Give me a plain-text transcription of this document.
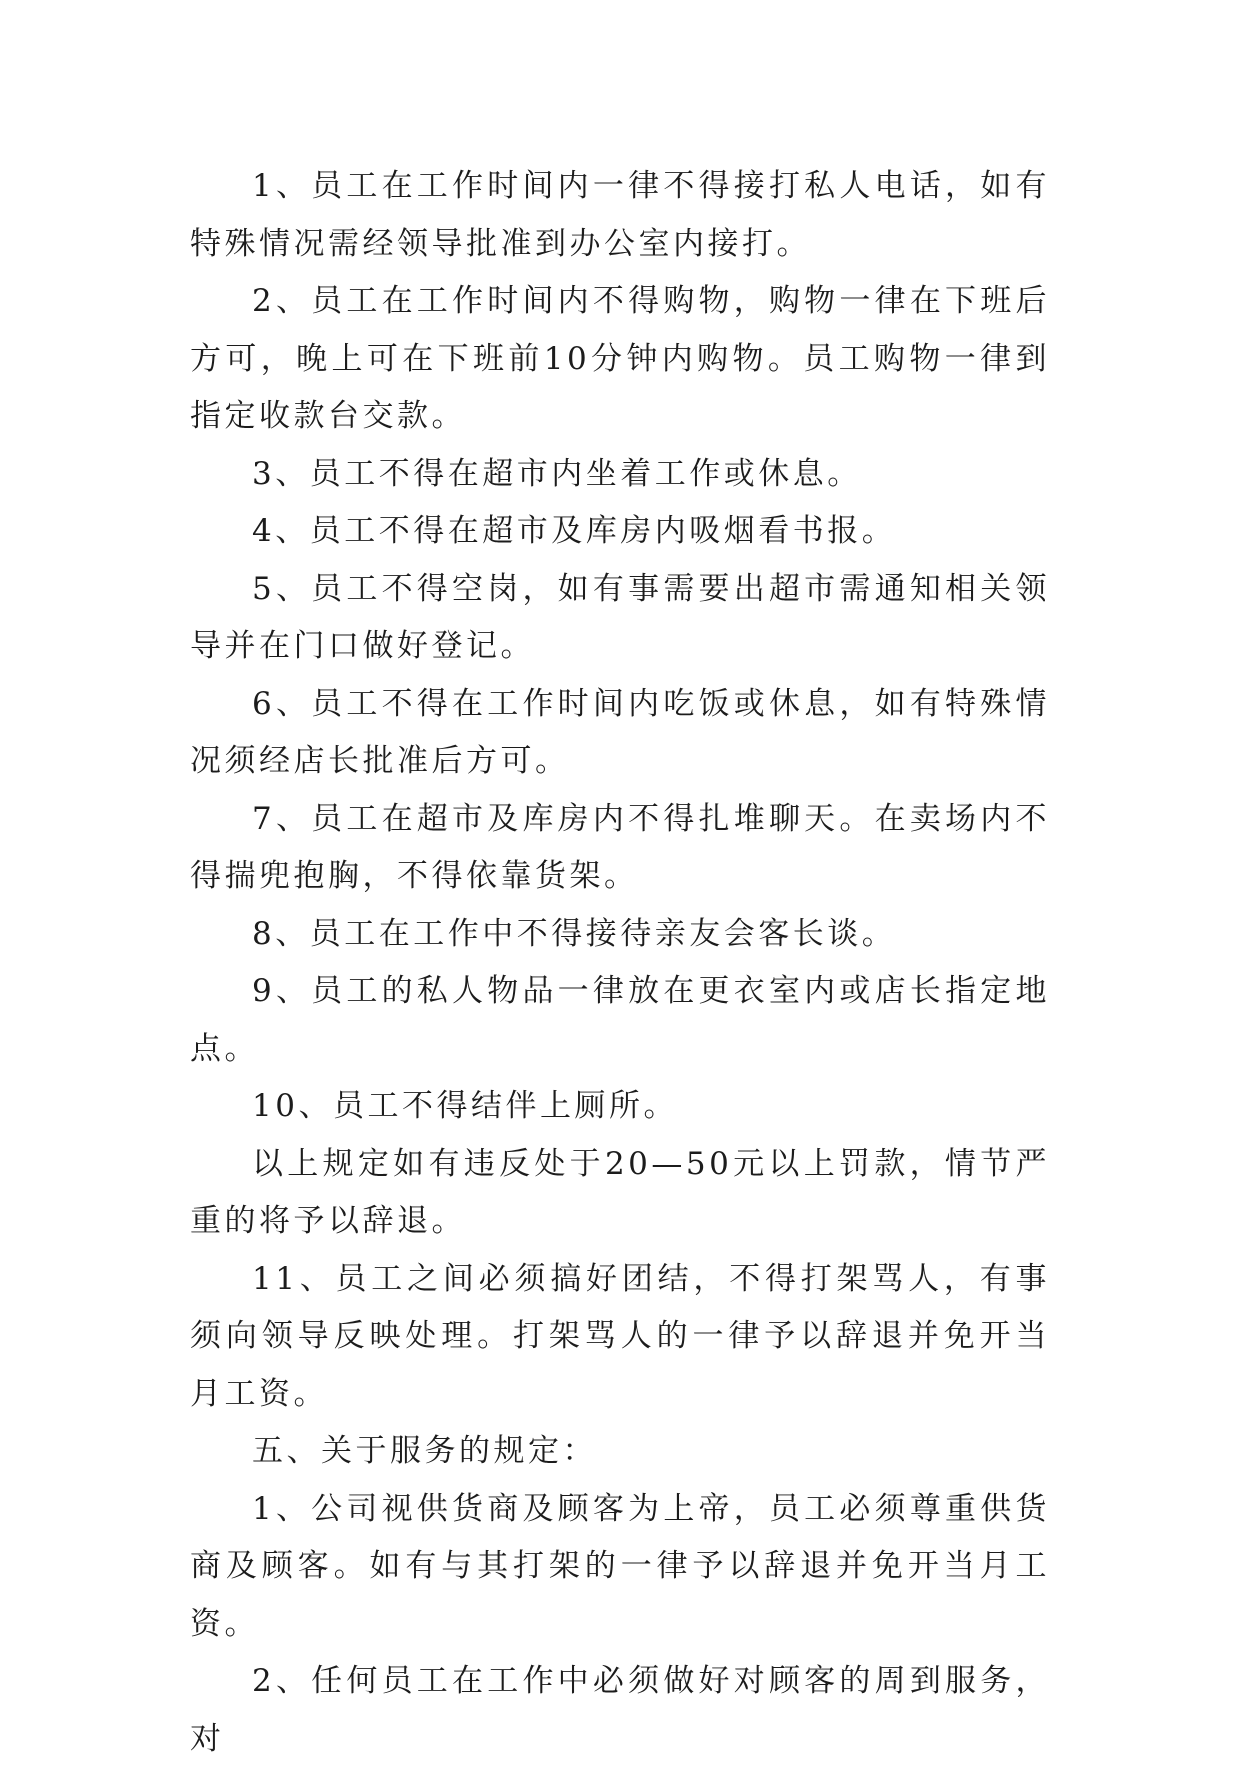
1、员工在工作时间内一律不得接打私人电话，如有特殊情况需经领导批准到办公室内接打。

2、员工在工作时间内不得购物，购物一律在下班后方可，晚上可在下班前10分钟内购物。员工购物一律到指定收款台交款。

3、员工不得在超市内坐着工作或休息。

4、员工不得在超市及库房内吸烟看书报。

5、员工不得空岗，如有事需要出超市需通知相关领导并在门口做好登记。

6、员工不得在工作时间内吃饭或休息，如有特殊情况须经店长批准后方可。

7、员工在超市及库房内不得扎堆聊天。在卖场内不得揣兜抱胸，不得依靠货架。

8、员工在工作中不得接待亲友会客长谈。

9、员工的私人物品一律放在更衣室内或店长指定地点。

10、员工不得结伴上厕所。

以上规定如有违反处于20—50元以上罚款，情节严重的将予以辞退。

11、员工之间必须搞好团结，不得打架骂人，有事须向领导反映处理。打架骂人的一律予以辞退并免开当月工资。

五、关于服务的规定：

1、公司视供货商及顾客为上帝，员工必须尊重供货商及顾客。如有与其打架的一律予以辞退并免开当月工资。

2、任何员工在工作中必须做好对顾客的周到服务，对
